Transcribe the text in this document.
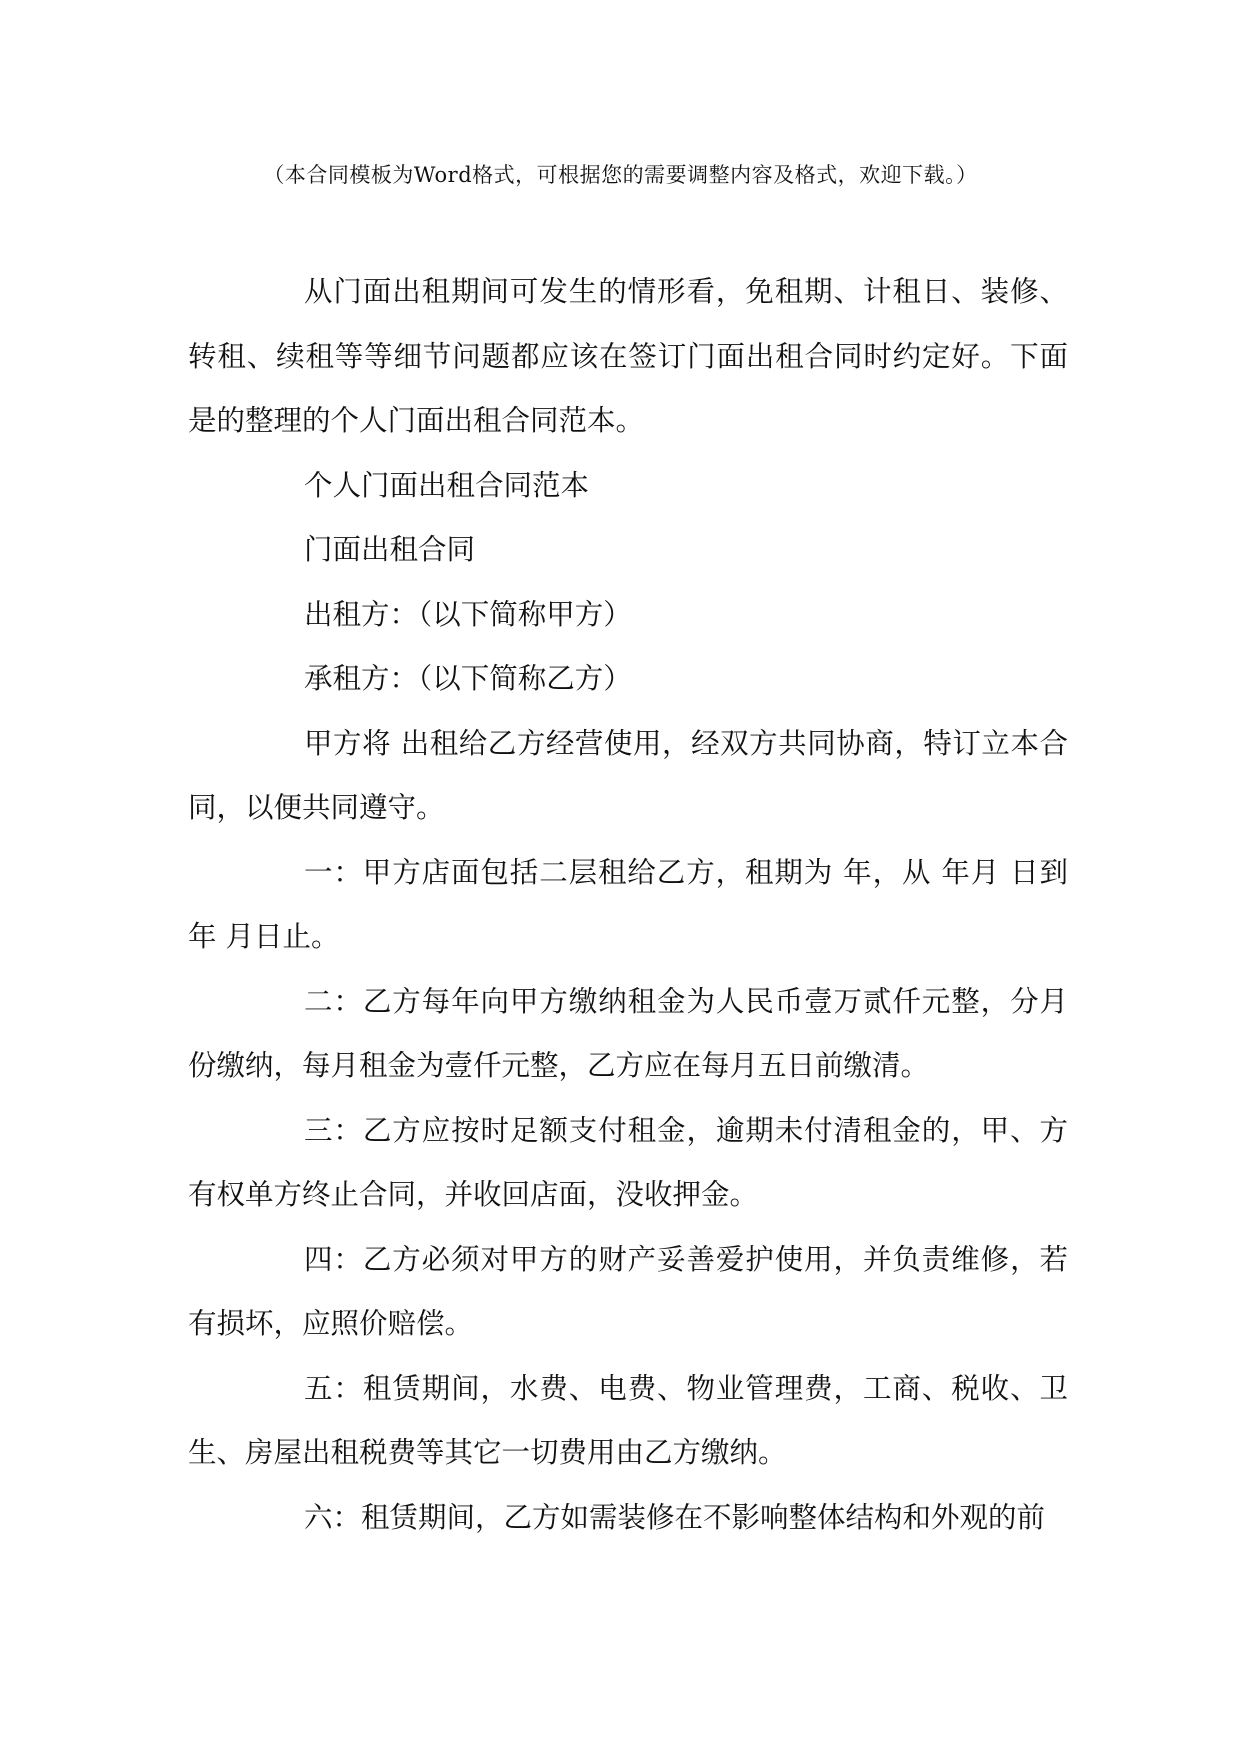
（本合同模板为Word格式，可根据您的需要调整内容及格式，欢迎下载。）

从门面出租期间可发生的情形看，免租期、计租日、装修、转租、续租等等细节问题都应该在签订门面出租合同时约定好。下面是的整理的个人门面出租合同范本。

个人门面出租合同范本

门面出租合同

出租方：（以下简称甲方）

承租方：（以下简称乙方）

甲方将 出租给乙方经营使用，经双方共同协商，特订立本合同，以便共同遵守。

一：甲方店面包括二层租给乙方，租期为 年，从 年月 日到年 月日止。

二：乙方每年向甲方缴纳租金为人民币壹万贰仟元整，分月份缴纳，每月租金为壹仟元整，乙方应在每月五日前缴清。

三：乙方应按时足额支付租金，逾期未付清租金的，甲、方有权单方终止合同，并收回店面，没收押金。

四：乙方必须对甲方的财产妥善爱护使用，并负责维修，若有损坏，应照价赔偿。

五：租赁期间，水费、电费、物业管理费，工商、税收、卫生、房屋出租税费等其它一切费用由乙方缴纳。

六：租赁期间，乙方如需装修在不影响整体结构和外观的前
